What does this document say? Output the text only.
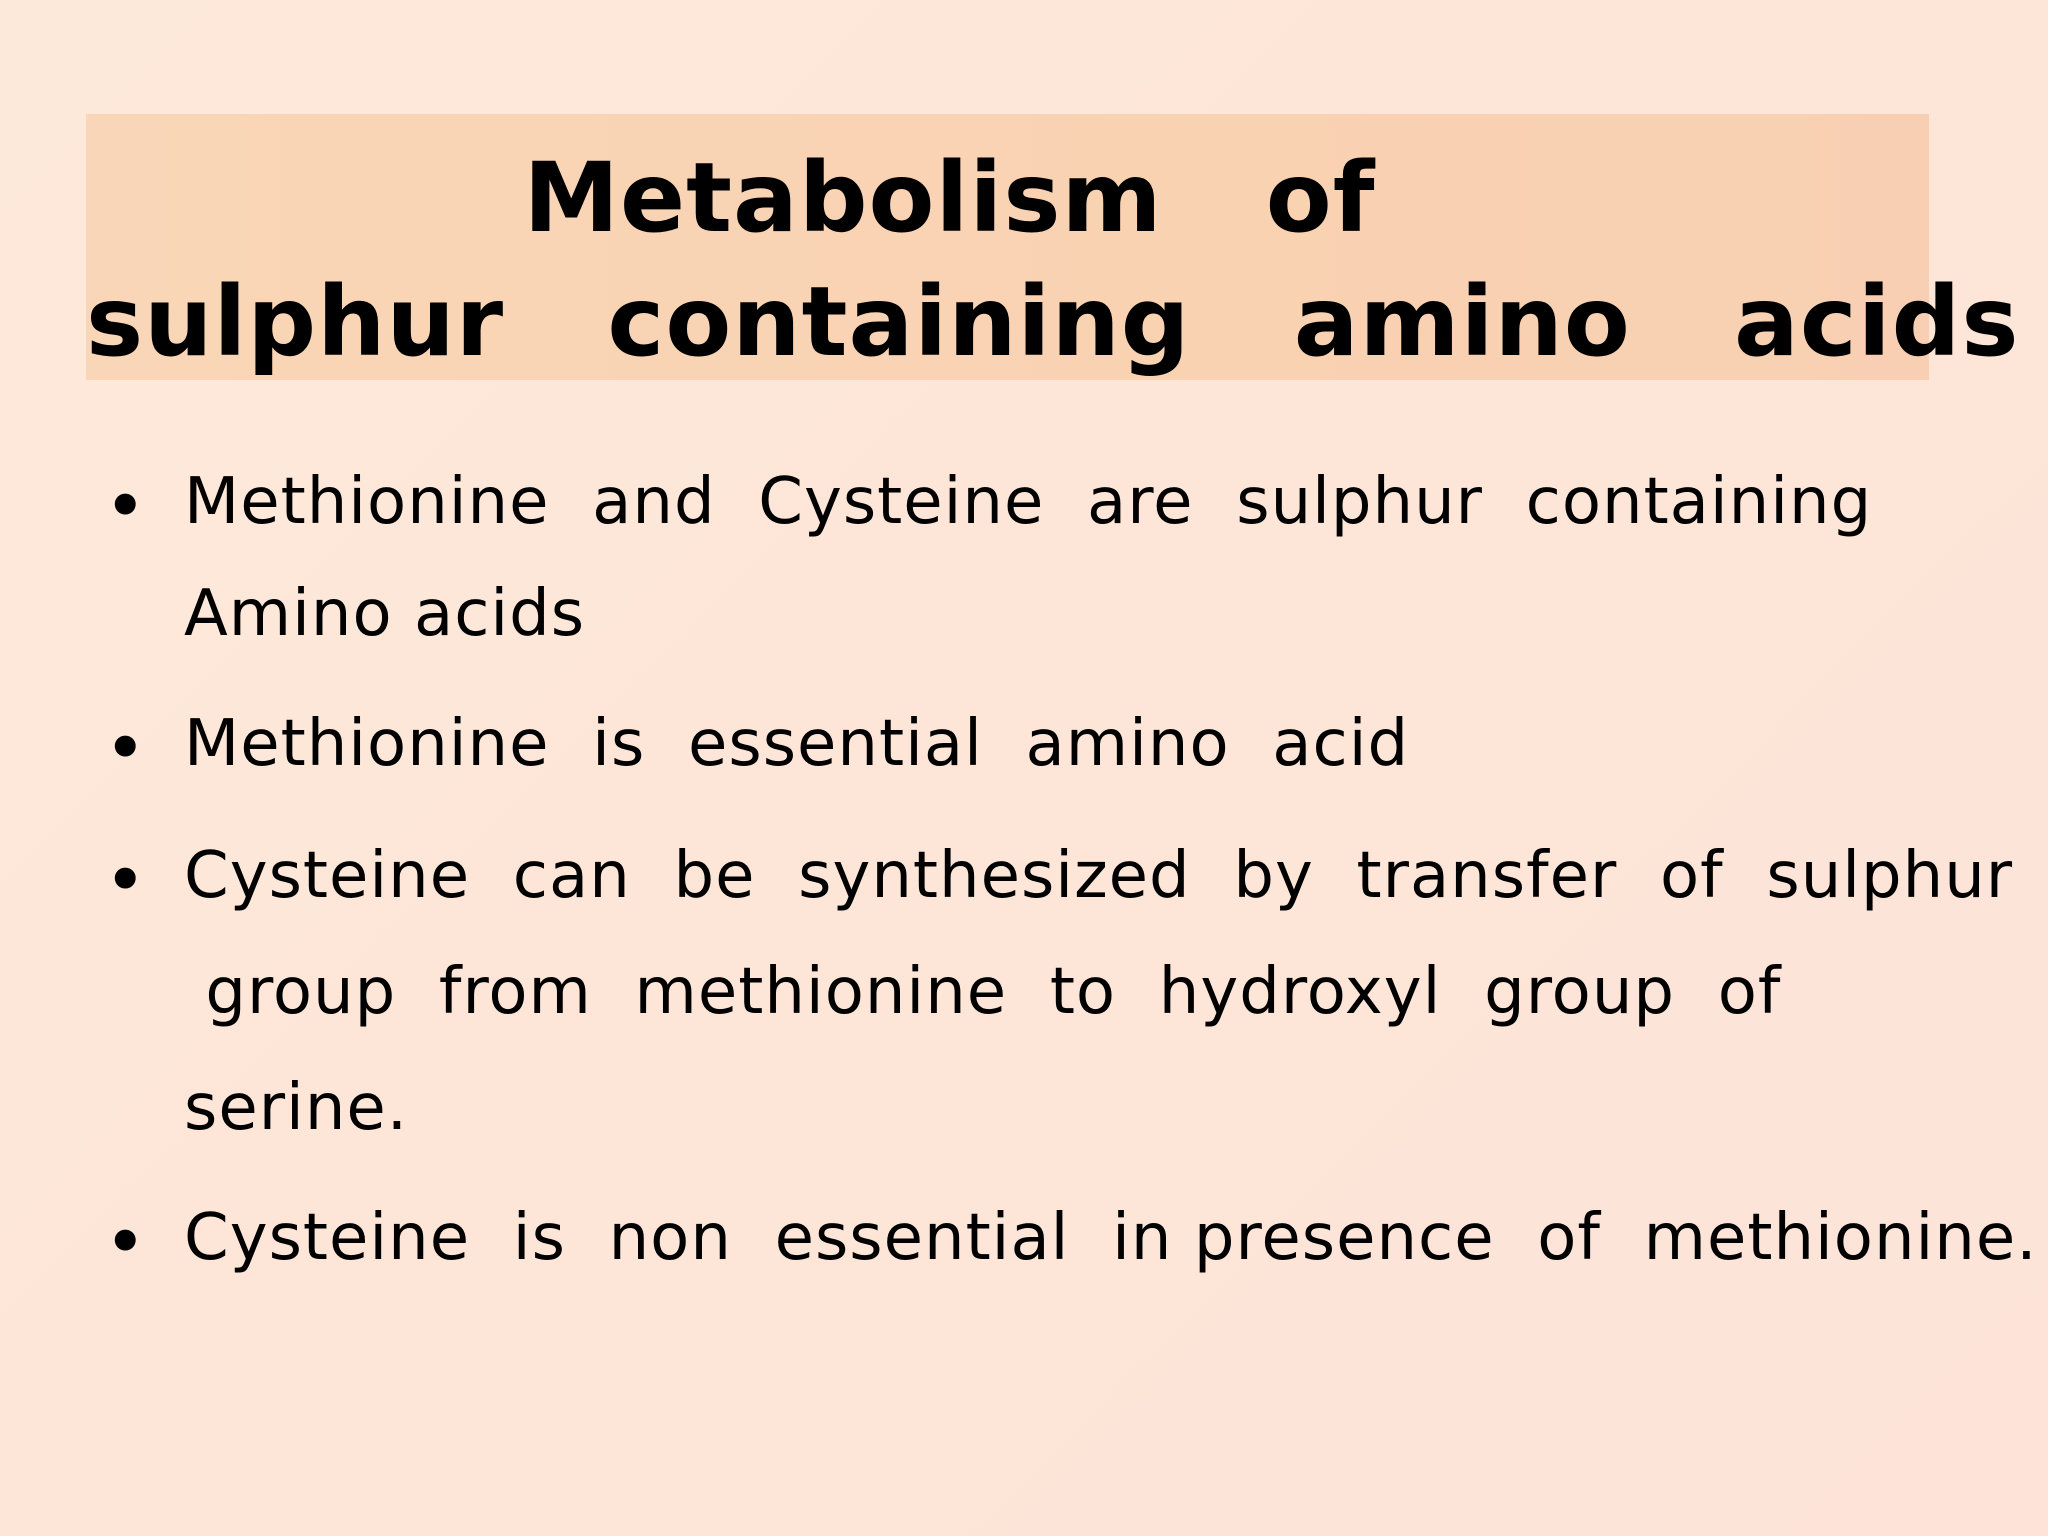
Metabolism   of
sulphur   containing   amino   acids
• Methionine  and  Cysteine  are  sulphur  containing
Amino acids
• Methionine  is  essential  amino  acid
• Cysteine  can  be  synthesized  by  transfer  of  sulphur
group  from  methionine  to  hydroxyl  group  of
serine.
• Cysteine  is  non  essential  in presence  of  methionine.
